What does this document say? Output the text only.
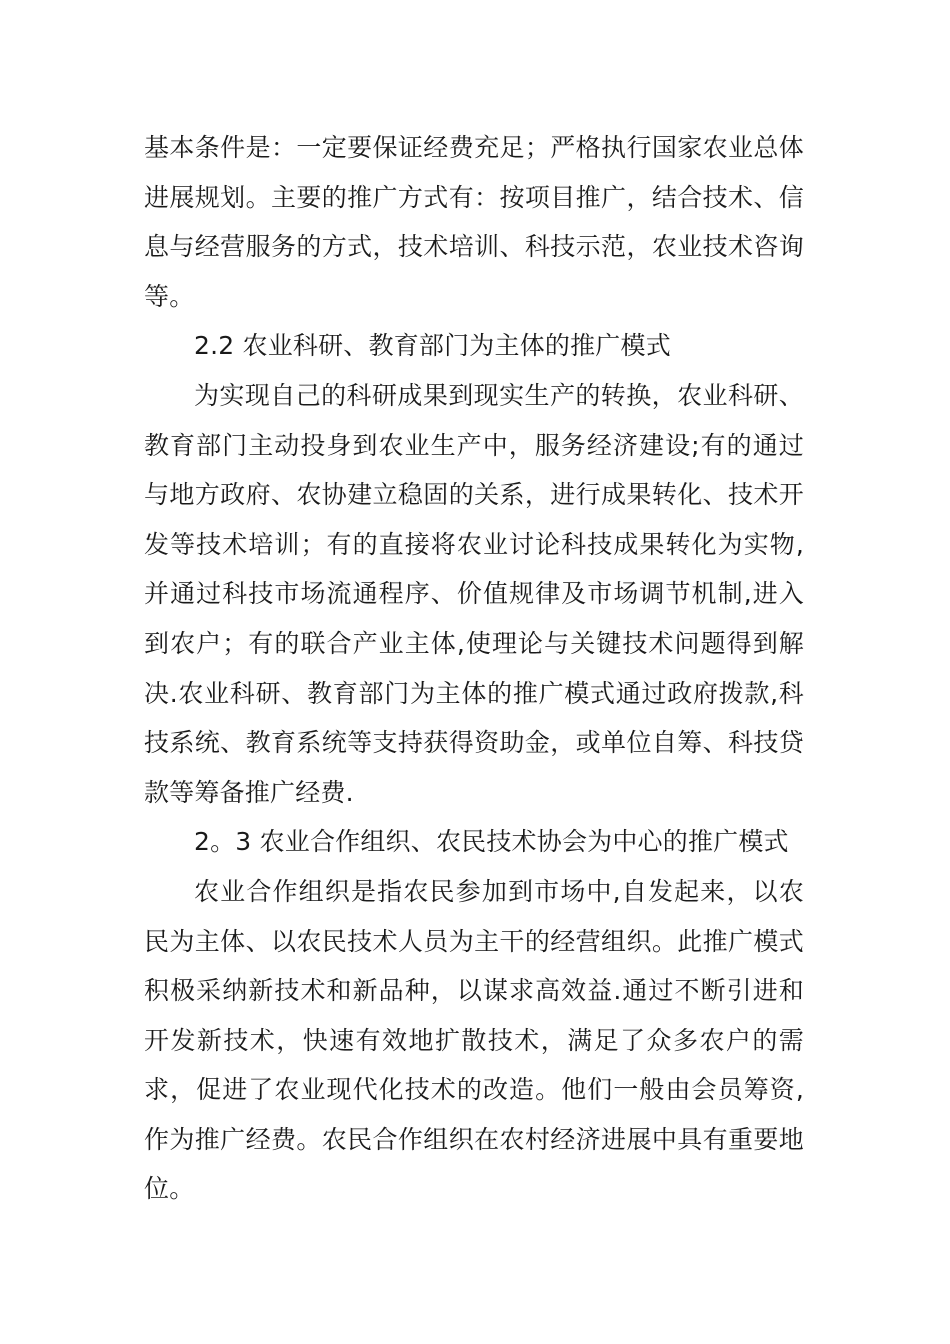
基本条件是：一定要保证经费充足；严格执行国家农业总体进展规划。主要的推广方式有：按项目推广，结合技术、信息与经营服务的方式，技术培训、科技示范，农业技术咨询等。

2.2 农业科研、教育部门为主体的推广模式

为实现自己的科研成果到现实生产的转换，农业科研、教育部门主动投身到农业生产中，服务经济建设;有的通过与地方政府、农协建立稳固的关系，进行成果转化、技术开发等技术培训；有的直接将农业讨论科技成果转化为实物,并通过科技市场流通程序、价值规律及市场调节机制,进入到农户；有的联合产业主体,使理论与关键技术问题得到解决.农业科研、教育部门为主体的推广模式通过政府拨款,科技系统、教育系统等支持获得资助金，或单位自筹、科技贷款等筹备推广经费.

2。3 农业合作组织、农民技术协会为中心的推广模式

农业合作组织是指农民参加到市场中,自发起来，以农民为主体、以农民技术人员为主干的经营组织。此推广模式积极采纳新技术和新品种，以谋求高效益.通过不断引进和开发新技术，快速有效地扩散技术，满足了众多农户的需求，促进了农业现代化技术的改造。他们一般由会员筹资,作为推广经费。农民合作组织在农村经济进展中具有重要地位。
